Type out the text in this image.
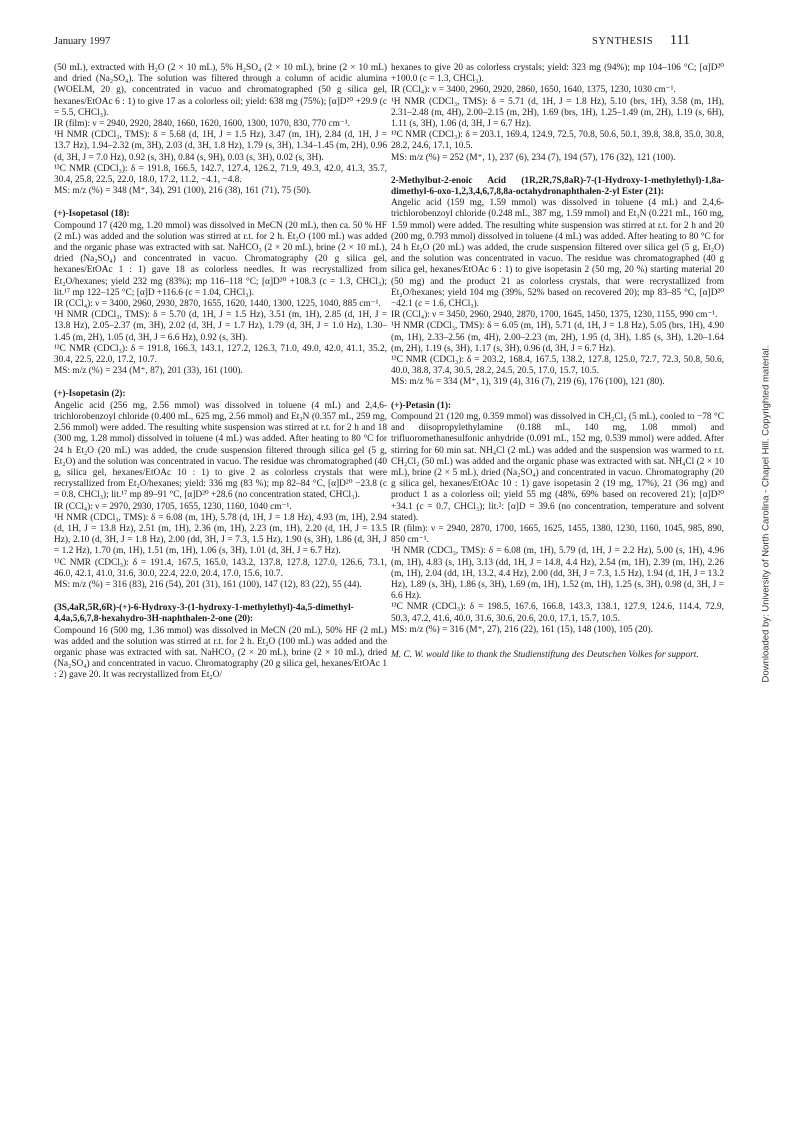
January 1997	SYNTHESIS 111

(50 mL), extracted with H₂O (2 × 10 mL), 5% H₂SO₄ (2 × 10 mL), brine (2 × 10 mL) and dried (Na₂SO₄). The solution was filtered through a column of acidic alumina (WOELM, 20 g), concentrated in vacuo and chromatographed (50 g silica gel, hexanes/EtOAc 6 : 1) to give 17 as a colorless oil; yield: 638 mg (75%); [α]D²⁰ +29.9 (c = 5.5, CHCl₃).

IR (film): ν = 2940, 2920, 2840, 1660, 1620, 1600, 1300, 1070, 830, 770 cm⁻¹.

¹H NMR (CDCl₃, TMS): δ = 5.68 (d, 1H, J = 1.5 Hz), 3.47 (m, 1H), 2.84 (d, 1H, J = 13.7 Hz), 1.94–2.32 (m, 3H), 2.03 (d, 3H, 1.8 Hz), 1.79 (s, 3H), 1.34–1.45 (m, 2H), 0.96 (d, 3H, J = 7.0 Hz), 0.92 (s, 3H), 0.84 (s, 9H), 0.03 (s, 3H), 0.02 (s, 3H).

¹³C NMR (CDCl₃): δ = 191.8, 166.5, 142.7, 127.4, 126.2, 71.9, 49.3, 42.0, 41.3, 35.7, 30.4, 25.8, 22.5, 22.0, 18.0, 17.2, 11.2, −4.1, −4.8.

MS: m/z (%) = 348 (M⁺, 34), 291 (100), 216 (38), 161 (71), 75 (50).

(+)-Isopetasol (18):
Compound 17 (420 mg, 1.20 mmol) was dissolved in MeCN (20 mL), then ca. 50 % HF (2 mL) was added and the solution was stirred at r.t. for 2 h. Et₂O (100 mL) was added and the organic phase was extracted with sat. NaHCO₃ (2 × 20 mL), brine (2 × 10 mL), dried (Na₂SO₄) and concentrated in vacuo. Chromatography (20 g silica gel, hexanes/EtOAc 1 : 1) gave 18 as colorless needles. It was recrystallized from Et₂O/hexanes; yield 232 mg (83%); mp 116–118 °C; [α]D²⁰ +108.3 (c = 1.3, CHCl₃); lit.¹⁷ mp 122–125 °C; [α]D +116.6 (c = 1.04, CHCl₃).

IR (CCl₄): ν = 3400, 2960, 2930, 2870, 1655, 1620, 1440, 1300, 1225, 1040, 885 cm⁻¹.

¹H NMR (CDCl₃, TMS): δ = 5.70 (d, 1H, J = 1.5 Hz), 3.51 (m, 1H), 2.85 (d, 1H, J = 13.8 Hz), 2.05–2.37 (m, 3H), 2.02 (d, 3H, J = 1.7 Hz), 1.79 (d, 3H, J = 1.0 Hz), 1.30–1.45 (m, 2H), 1.05 (d, 3H, J = 6.6 Hz), 0.92 (s, 3H).

¹³C NMR (CDCl₃): δ = 191.8, 166.3, 143.1, 127.2, 126.3, 71.0, 49.0, 42.0, 41.1, 35.2, 30.4, 22.5, 22.0, 17.2, 10.7.

MS: m/z (%) = 234 (M⁺, 87), 201 (33), 161 (100).

(+)-Isopetasin (2):
Angelic acid (256 mg, 2.56 mmol) was dissolved in toluene (4 mL) and 2,4,6-trichlorobenzoyl chloride (0.400 mL, 625 mg, 2.56 mmol) and Et₃N (0.357 mL, 259 mg, 2.56 mmol) were added. The resulting white suspension was stirred at r.t. for 2 h and 18 (300 mg, 1.28 mmol) dissolved in toluene (4 mL) was added. After heating to 80 °C for 24 h Et₂O (20 mL) was added, the crude suspension filtered through silica gel (5 g, Et₂O) and the solution was concentrated in vacuo. The residue was chromatographed (40 g, silica gel, hexanes/EtOAc 10 : 1) to give 2 as colorless crystals that were recrystallized from Et₂O/hexanes; yield: 336 mg (83 %); mp 82–84 °C, [α]D²⁰ −23.8 (c = 0.8, CHCl₃); lit.¹⁷ mp 89–91 °C, [α]D²⁰ +28.6 (no concentration stated, CHCl₃).

IR (CCl₄): ν = 2970, 2930, 1705, 1655, 1230, 1160, 1040 cm⁻¹.

¹H NMR (CDCl₃, TMS): δ = 6.08 (m, 1H), 5.78 (d, 1H, J = 1.8 Hz), 4.93 (m, 1H), 2.94 (d, 1H, J = 13.8 Hz), 2.51 (m, 1H), 2.36 (m, 1H), 2.23 (m, 1H), 2.20 (d, 1H, J = 13.5 Hz), 2.10 (d, 3H, J = 1.8 Hz), 2.00 (dd, 3H, J = 7.3, 1.5 Hz), 1.90 (s, 3H), 1.86 (d, 3H, J = 1.2 Hz), 1.70 (m, 1H), 1.51 (m, 1H), 1.06 (s, 3H), 1.01 (d, 3H, J = 6.7 Hz).

¹³C NMR (CDCl₃): δ = 191.4, 167.5, 165.0, 143.2, 137.8, 127.8, 127.0, 126.6, 73.1, 46.0, 42.1, 41.0, 31.6, 30.0, 22.4, 22.0, 20.4, 17.0, 15.6, 10.7.

MS: m/z (%) = 316 (83), 216 (54), 201 (31), 161 (100), 147 (12), 83 (22), 55 (44).

(3S,4aR,5R,6R)-(+)-6-Hydroxy-3-(1-hydroxy-1-methylethyl)-4a,5-dimethyl-4,4a,5,6,7,8-hexahydro-3H-naphthalen-2-one (20):
Compound 16 (500 mg, 1.36 mmol) was dissolved in MeCN (20 mL), 50% HF (2 mL) was added and the solution was stirred at r.t. for 2 h. Et₂O (100 mL) was added and the organic phase was extracted with sat. NaHCO₃ (2 × 20 mL), brine (2 × 10 mL), dried (Na₂SO₄) and concentrated in vacuo. Chromatography (20 g silica gel, hexanes/EtOAc 1 : 2) gave 20. It was recrystallized from Et₂O/

hexanes to give 20 as colorless crystals; yield: 323 mg (94%); mp 104–106 °C; [α]D²⁰ +100.0 (c = 1.3, CHCl₃).

IR (CCl₄): ν = 3400, 2960, 2920, 2860, 1650, 1640, 1375, 1230, 1030 cm⁻¹.

¹H NMR (CDCl₃, TMS): δ = 5.71 (d, 1H, J = 1.8 Hz), 5.10 (brs, 1H), 3.58 (m, 1H), 2.31–2.48 (m, 4H), 2.00–2.15 (m, 2H), 1.69 (brs, 1H), 1.25–1.49 (m, 2H), 1.19 (s, 6H), 1.11 (s, 3H), 1.06 (d, 3H, J = 6.7 Hz).

¹³C NMR (CDCl₃): δ = 203.1, 169.4, 124.9, 72.5, 70.8, 50.6, 50.1, 39.8, 38.8, 35.0, 30.8, 28.2, 24.6, 17.1, 10.5.

MS: m/z (%) = 252 (M⁺, 1), 237 (6), 234 (7), 194 (57), 176 (32), 121 (100).

2-Methylbut-2-enoic Acid (1R,2R,7S,8aR)-7-(1-Hydroxy-1-methylethyl)-1,8a-dimethyl-6-oxo-1,2,3,4,6,7,8,8a-octahydronaphthalen-2-yl Ester (21):
Angelic acid (159 mg, 1.59 mmol) was dissolved in toluene (4 mL) and 2,4,6-trichlorobenzoyl chloride (0.248 mL, 387 mg, 1.59 mmol) and Et₃N (0.221 mL, 160 mg, 1.59 mmol) were added. The resulting white suspension was stirred at r.t. for 2 h and 20 (200 mg, 0.793 mmol) dissolved in toluene (4 mL) was added. After heating to 80 °C for 24 h Et₂O (20 mL) was added, the crude suspension filtered over silica gel (5 g, Et₂O) and the solution was concentrated in vacuo. The residue was chromatographed (40 g silica gel, hexanes/EtOAc 6 : 1) to give isopetasin 2 (50 mg, 20 %) starting material 20 (50 mg) and the product 21 as colorless crystals, that were recrystallized from Et₂O/hexanes; yield 104 mg (39%, 52% based on recovered 20); mp 83–85 °C, [α]D²⁰ −42.1 (c = 1.6, CHCl₃).

IR (CCl₄): ν = 3450, 2960, 2940, 2870, 1700, 1645, 1450, 1375, 1230, 1155, 990 cm⁻¹.

¹H NMR (CDCl₃, TMS): δ = 6.05 (m, 1H), 5.71 (d, 1H, J = 1.8 Hz), 5.05 (brs, 1H), 4.90 (m, 1H), 2.33–2.56 (m, 4H), 2.00–2.23 (m, 2H), 1.95 (d, 3H), 1.85 (s, 3H), 1.20–1.64 (m, 2H), 1.19 (s, 3H), 1.17 (s, 3H), 0.96 (d, 3H, J = 6.7 Hz).

¹³C NMR (CDCl₃): δ = 203.2, 168.4, 167.5, 138.2, 127.8, 125.0, 72.7, 72.3, 50.8, 50.6, 40.0, 38.8, 37.4, 30.5, 28.2, 24.5, 20.5, 17.0, 15.7, 10.5.

MS: m/z % = 334 (M⁺, 1), 319 (4), 316 (7), 219 (6), 176 (100), 121 (80).

(+)-Petasin (1):
Compound 21 (120 mg, 0.359 mmol) was dissolved in CH₂Cl₂ (5 mL), cooled to −78 °C and diisopropylethylamine (0.188 mL, 140 mg, 1.08 mmol) and trifluoromethanesulfonic anhydride (0.091 mL, 152 mg, 0.539 mmol) were added. After stirring for 60 min sat. NH₄Cl (2 mL) was added and the suspension was warmed to r.t. CH₂Cl₂ (50 mL) was added and the organic phase was extracted with sat. NH₄Cl (2 × 10 mL), brine (2 × 5 mL), dried (Na₂SO₄) and concentrated in vacuo. Chromatography (20 g silica gel, hexanes/EtOAc 10 : 1) gave isopetasin 2 (19 mg, 17%), 21 (36 mg) and product 1 as a colorless oil; yield 55 mg (48%, 69% based on recovered 21); [α]D²⁰ +34.1 (c = 0.7, CHCl₃); lit.²: [α]D = 39.6 (no concentration, temperature and solvent stated).

IR (film): ν = 2940, 2870, 1700, 1665, 1625, 1455, 1380, 1230, 1160, 1045, 985, 890, 850 cm⁻¹.

¹H NMR (CDCl₃, TMS): δ = 6.08 (m, 1H), 5.79 (d, 1H, J = 2.2 Hz), 5.00 (s, 1H), 4.96 (m, 1H), 4.83 (s, 1H), 3.13 (dd, 1H, J = 14.8, 4.4 Hz), 2.54 (m, 1H), 2.39 (m, 1H), 2.26 (m, 1H), 2.04 (dd, 1H, 13.2, 4.4 Hz), 2.00 (dd, 3H, J = 7.3, 1.5 Hz), 1.94 (d, 1H, J = 13.2 Hz), 1.89 (s, 3H), 1.86 (s, 3H), 1.69 (m, 1H), 1.52 (m, 1H), 1.25 (s, 3H), 0.98 (d, 3H, J = 6.6 Hz).

¹³C NMR (CDCl₃): δ = 198.5, 167.6, 166.8, 143.3, 138.1, 127.9, 124.6, 114.4, 72.9, 50.3, 47.2, 41.6, 40.0, 31.6, 30.6, 20.6, 20.0, 17.1, 15.7, 10.5.

MS: m/z (%) = 316 (M⁺, 27), 216 (22), 161 (15), 148 (100), 105 (20).

M. C. W. would like to thank the Studienstiftung des Deutschen Volkes for support.	Downloaded by: University of North Carolina - Chapel Hill. Copyrighted material.
